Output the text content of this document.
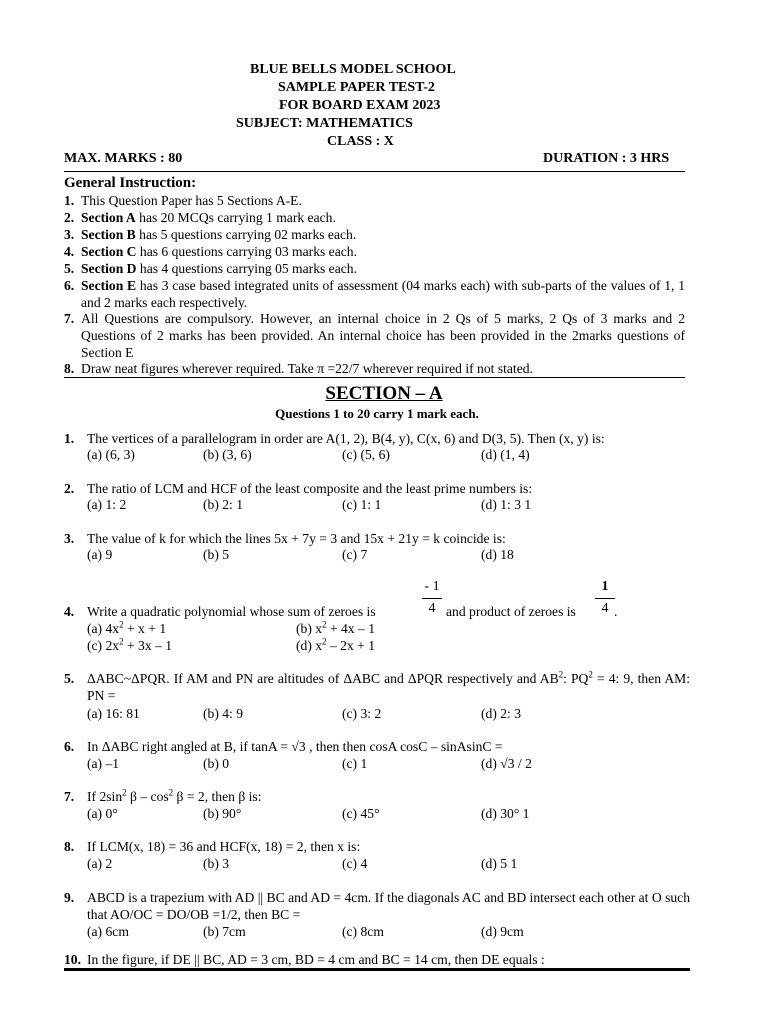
BLUE BELLS MODEL SCHOOL
SAMPLE PAPER TEST-2
FOR BOARD EXAM 2023
SUBJECT: MATHEMATICS
CLASS : X
MAX. MARKS : 80	DURATION : 3 HRS
General Instruction:
1. This Question Paper has 5 Sections A-E.
2. Section A has 20 MCQs carrying 1 mark each.
3. Section B has 5 questions carrying 02 marks each.
4. Section C has 6 questions carrying 03 marks each.
5. Section D has 4 questions carrying 05 marks each.
6. Section E has 3 case based integrated units of assessment (04 marks each) with sub-parts of the values of 1, 1 and 2 marks each respectively.
7. All Questions are compulsory. However, an internal choice in 2 Qs of 5 marks, 2 Qs of 3 marks and 2 Questions of 2 marks has been provided. An internal choice has been provided in the 2marks questions of Section E
8. Draw neat figures wherever required. Take π =22/7 wherever required if not stated.
SECTION – A
Questions 1 to 20 carry 1 mark each.
1. The vertices of a parallelogram in order are A(1, 2), B(4, y), C(x, 6) and D(3, 5). Then (x, y) is:
(a) (6, 3)	(b) (3, 6)	(c) (5, 6)	(d) (1, 4)
2. The ratio of LCM and HCF of the least composite and the least prime numbers is:
(a) 1: 2	(b) 2: 1	(c) 1: 1	(d) 1: 3 1
3. The value of k for which the lines 5x + 7y = 3 and 15x + 21y = k coincide is:
(a) 9	(b) 5	(c) 7	(d) 18
- 1
4
1
4
4. Write a quadratic polynomial whose sum of zeroes is	and product of zeroes is	.
(a) $4x^2 + x + 1$	(b) $x^2 + 4x - 1$
(c) $2x^2 + 3x - 1$	(d) $x^2 - 2x + 1$
5. ΔABC~ΔPQR. If AM and PN are altitudes of ΔABC and ΔPQR respectively and $AB^2$: $PQ^2 = 4$: 9, then AM: PN =
(a) 16: 81	(b) 4: 9	(c) 3: 2	(d) 2: 3
6. In ΔABC right angled at B, if tanA = √3 , then then cosA cosC – sinAsinC =
(a) –1	(b) 0	(c) 1	(d) √3 / 2
7. If $2\sin^2$ $\beta - \cos^2 \beta = 2$, then β is:
(a) 0°	(b) 90°	(c) 45°	(d) 30° 1
8. If LCM(x, 18) = 36 and HCF(x, 18) = 2, then x is:
(a) 2	(b) 3	(c) 4	(d) 5 1
9. ABCD is a trapezium with AD || BC and AD = 4cm. If the diagonals AC and BD intersect each other at O such that AO/OC = DO/OB =1/2, then BC =
(a) 6cm	(b) 7cm	(c) 8cm	(d) 9cm
10. In the figure, if DE || BC, AD = 3 cm, BD = 4 cm and BC = 14 cm, then DE equals :
